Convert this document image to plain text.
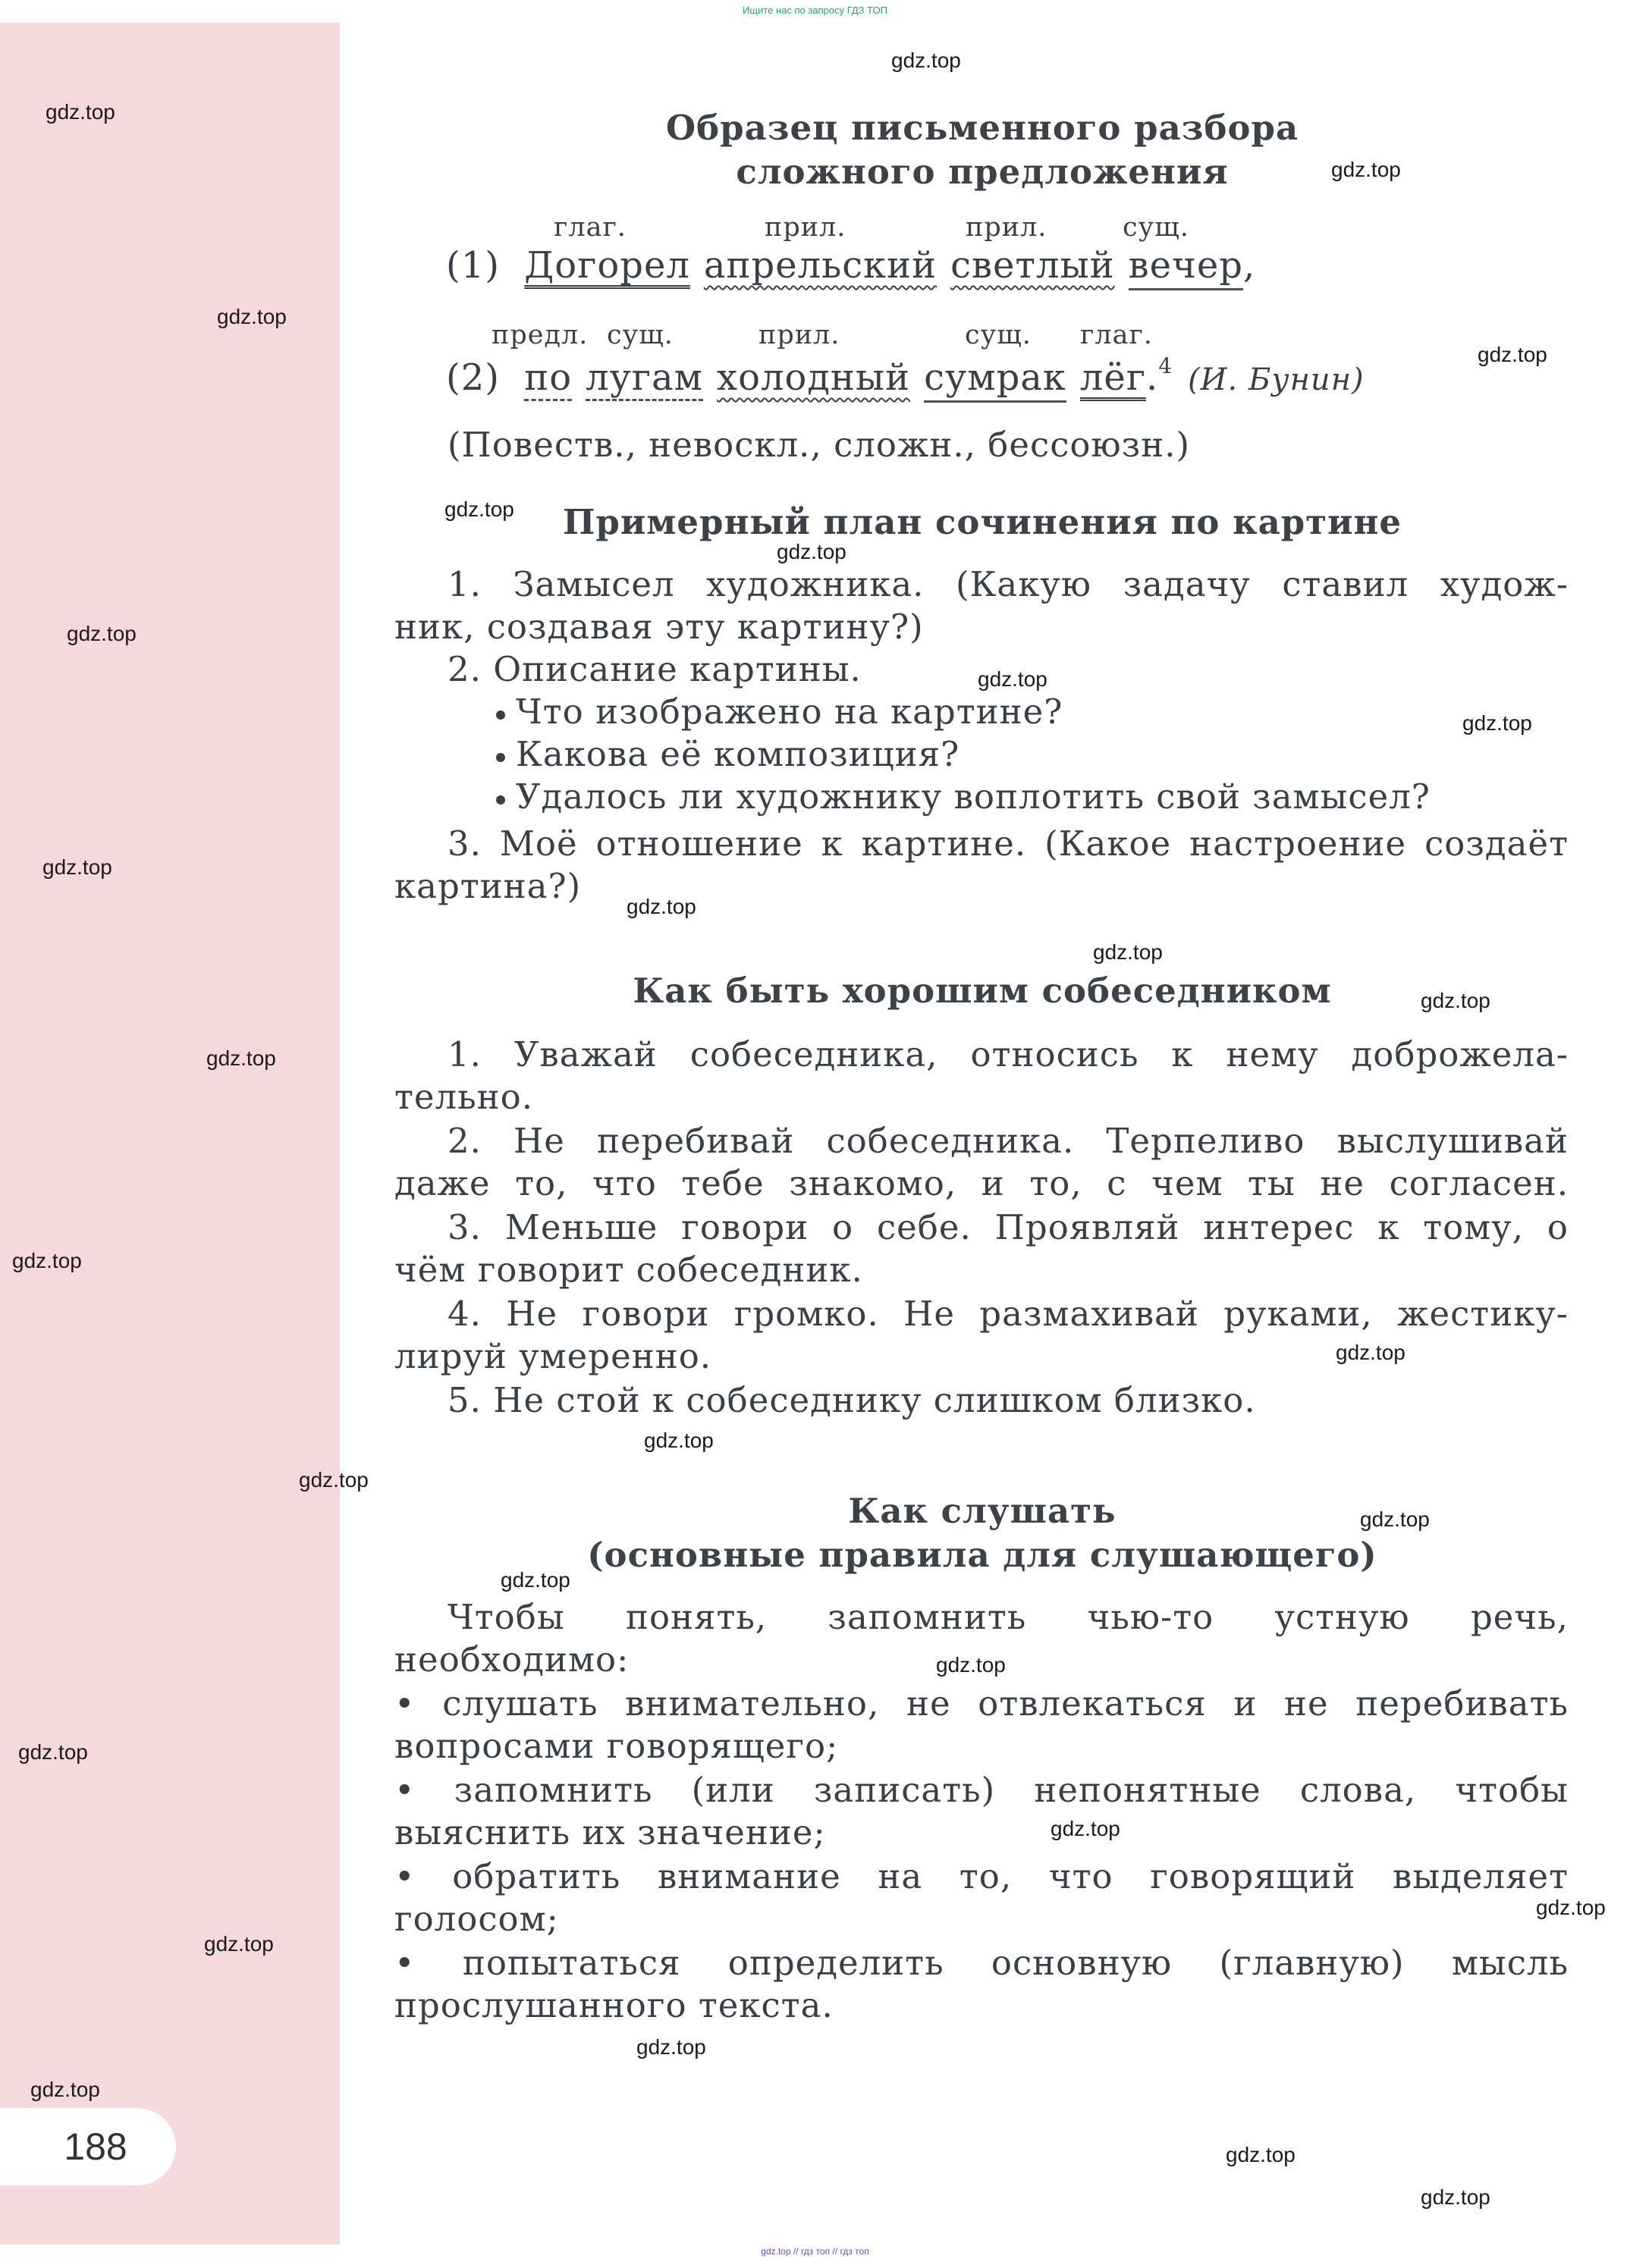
188
Ищите нас по запросу ГДЗ ТОП
gdz.top // гдз топ // гдз топ
gdz.top
gdz.top
gdz.top
gdz.top
gdz.top
gdz.top
gdz.top
gdz.top
gdz.top
gdz.top
gdz.top
gdz.top
gdz.top
gdz.top
gdz.top
gdz.top
gdz.top
gdz.top
gdz.top
gdz.top
gdz.top
gdz.top
gdz.top
gdz.top
gdz.top
gdz.top
gdz.top
gdz.top
gdz.top
gdz.top
Образец письменного разбора
сложного предложения
глаг.	прил.	прил.	сущ.
(1) Догорел апрельский светлый вечер,
предл. сущ.	прил.	сущ. глаг.
(2) по лугам холодный сумрак лёг.$^4$ (И. Бунин)
(Повеств., невоскл., сложн., бессоюзн.)
Примерный план сочинения по картине
1. Замысел художника. (Какую задачу ставил худож-
ник, создавая эту картину?)
2. Описание картины.
Что изображено на картине?
Какова её композиция?
Удалось ли художнику воплотить свой замысел?
3. Моё отношение к картине. (Какое настроение создаёт
картина?)
Как быть хорошим собеседником
1. Уважай собеседника, относись к нему доброжела-
тельно.
2. Не перебивай собеседника. Терпеливо выслушивай
даже то, что тебе знакомо, и то, с чем ты не согласен.
3. Меньше говори о себе. Проявляй интерес к тому, о
чём говорит собеседник.
4. Не говори громко. Не размахивай руками, жестику-
лируй умеренно.
5. Не стой к собеседнику слишком близко.
Как слушать
(основные правила для слушающего)
Чтобы понять, запомнить чью-то устную речь,
необходимо:
• слушать внимательно, не отвлекаться и не перебивать
вопросами говорящего;
• запомнить (или записать) непонятные слова, чтобы
выяснить их значение;
• обратить внимание на то, что говорящий выделяет
голосом;
• попытаться определить основную (главную) мысль
прослушанного текста.
